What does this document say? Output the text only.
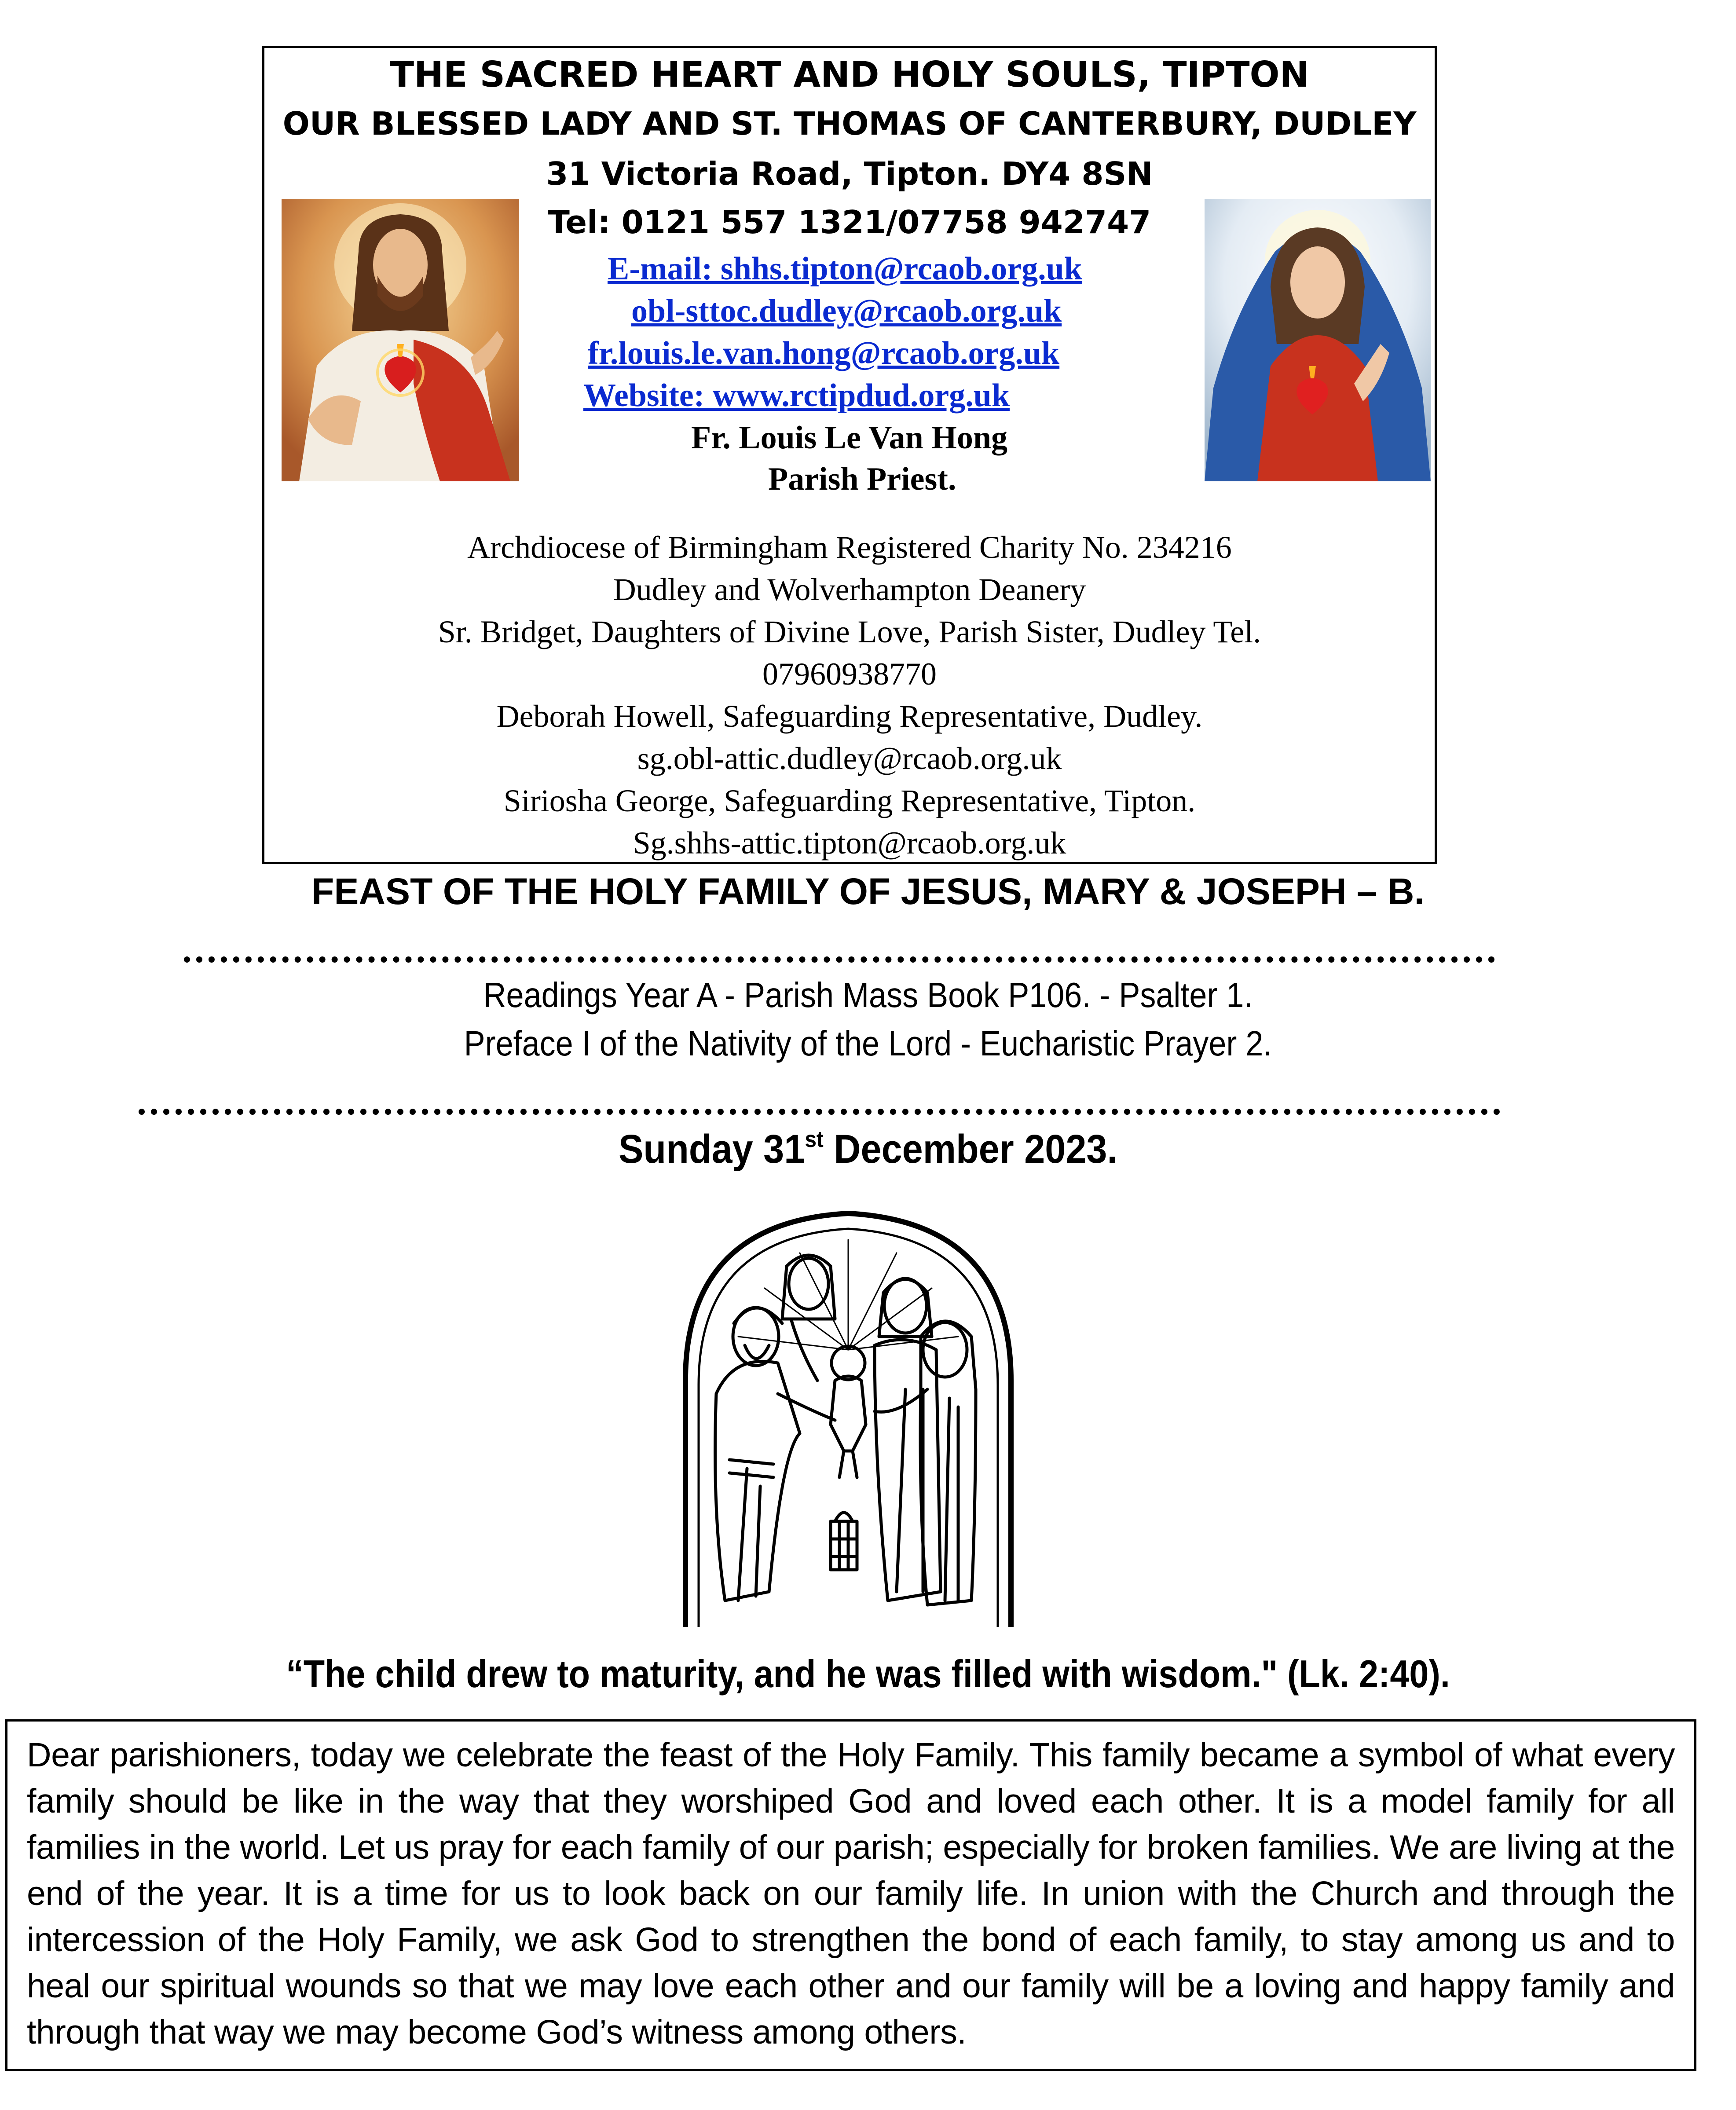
THE SACRED HEART AND HOLY SOULS, TIPTON
OUR BLESSED LADY AND ST. THOMAS OF CANTERBURY, DUDLEY
31 Victoria Road, Tipton. DY4 8SN
Tel: 0121 557 1321/07758 942747
E-mail: shhs.tipton@rcaob.org.uk
obl-sttoc.dudley@rcaob.org.uk
fr.louis.le.van.hong@rcaob.org.uk
Website: www.rctipdud.org.uk
Fr. Louis Le Van Hong
Parish Priest.
Archdiocese of Birmingham Registered Charity No. 234216
Dudley and Wolverhampton Deanery
Sr. Bridget, Daughters of Divine Love, Parish Sister, Dudley Tel.
07960938770
Deborah Howell, Safeguarding Representative, Dudley.
sg.obl-attic.dudley@rcaob.org.uk
Siriosha George, Safeguarding Representative, Tipton.
Sg.shhs-attic.tipton@rcaob.org.uk
FEAST OF THE HOLY FAMILY OF JESUS, MARY & JOSEPH – B.
Readings Year A - Parish Mass Book P106. - Psalter 1.
Preface I of the Nativity of the Lord - Eucharistic Prayer 2.
Sunday 31st December 2023.
“The child drew to maturity, and he was filled with wisdom." (Lk. 2:40).

Dear parishioners, today we celebrate the feast of the Holy Family. This family became a symbol of what every family should be like in the way that they worshiped God and loved each other. It is a model family for all families in the world. Let us pray for each family of our parish; especially for broken families. We are living at the end of the year. It is a time for us to look back on our family life. In union with the Church and through the intercession of the Holy Family, we ask God to strengthen the bond of each family, to stay among us and to heal our spiritual wounds so that we may love each other and our family will be a loving and happy family and through that way we may become God’s witness among others.
